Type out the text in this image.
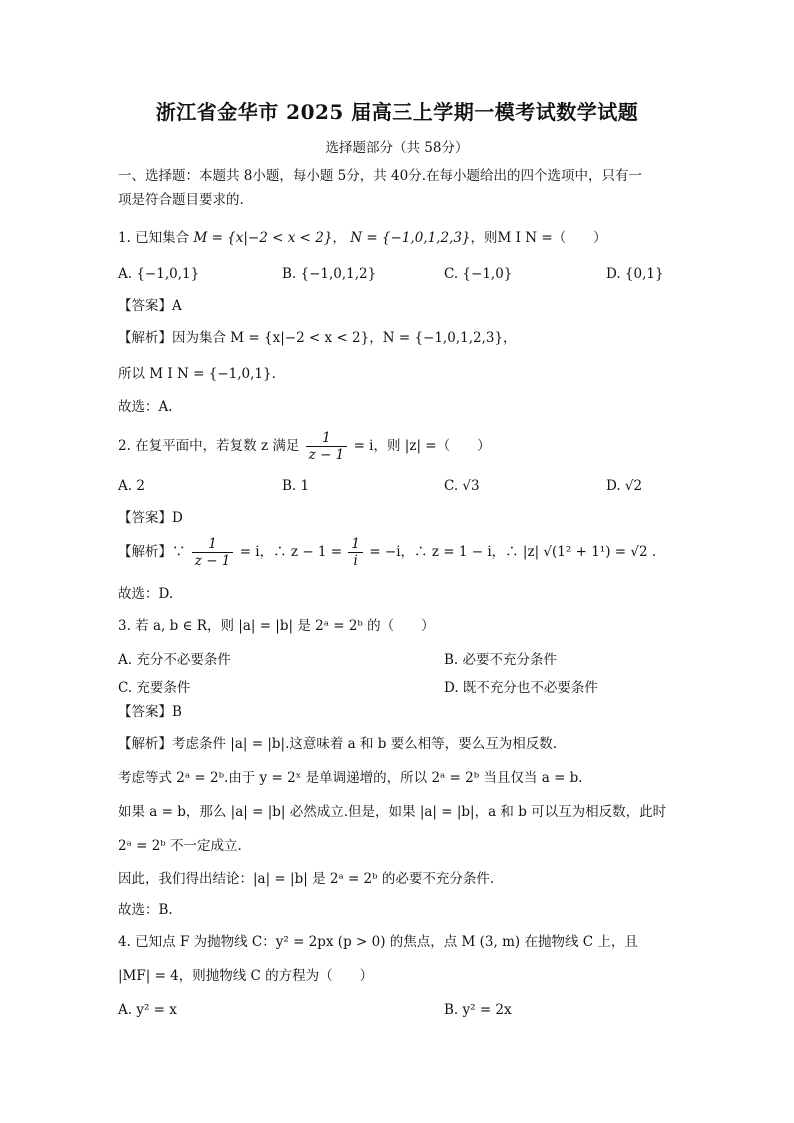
浙江省金华市 2025 届高三上学期一模考试数学试题
选择题部分（共 58分）
一、选择题：本题共 8小题，每小题 5分，共 40分.在每小题给出的四个选项中，只有一
项是符合题目要求的.
1. 已知集合 M = {x|−2 < x < 2}， N = {−1,0,1,2,3}，则M I N =（　　）
A. {−1,0,1}	B. {−1,0,1,2}	C. {−1,0}	D. {0,1}
【答案】A
【解析】因为集合 M = {x|−2 < x < 2}，N = {−1,0,1,2,3}，
所以 M I N = {−1,0,1}.
故选：A.
2. 在复平面中，若复数 z 满足 $\frac{1}{z - 1} = i$，则 |z| =（　　）
A. 2	B. 1	C. √3	D. √2
【答案】D
【解析】∵ $\frac{1}{z - 1} = i$，∴ $z - 1 = \frac{1}{i} = -i$，∴ z = 1 − i，∴ |z| √(1² + 1¹) = √2 .
故选：D.
3. 若 a, b ∈ R，则 |a| = |b| 是 2ᵃ = 2ᵇ 的（　　）
A. 充分不必要条件	B. 必要不充分条件
C. 充要条件	D. 既不充分也不必要条件
【答案】B
【解析】考虑条件 |a| = |b|.这意味着 a 和 b 要么相等，要么互为相反数.
考虑等式 2ᵃ = 2ᵇ.由于 y = 2ˣ 是单调递增的，所以 2ᵃ = 2ᵇ 当且仅当 a = b.
如果 a = b，那么 |a| = |b| 必然成立.但是，如果 |a| = |b|，a 和 b 可以互为相反数，此时
2ᵃ = 2ᵇ 不一定成立.
因此，我们得出结论：|a| = |b| 是 2ᵃ = 2ᵇ 的必要不充分条件.
故选：B.
4. 已知点 F 为抛物线 C：y² = 2px (p > 0) 的焦点，点 M (3, m) 在抛物线 C 上，且
|MF| = 4，则抛物线 C 的方程为（　　）
A. y² = x	B. y² = 2x
